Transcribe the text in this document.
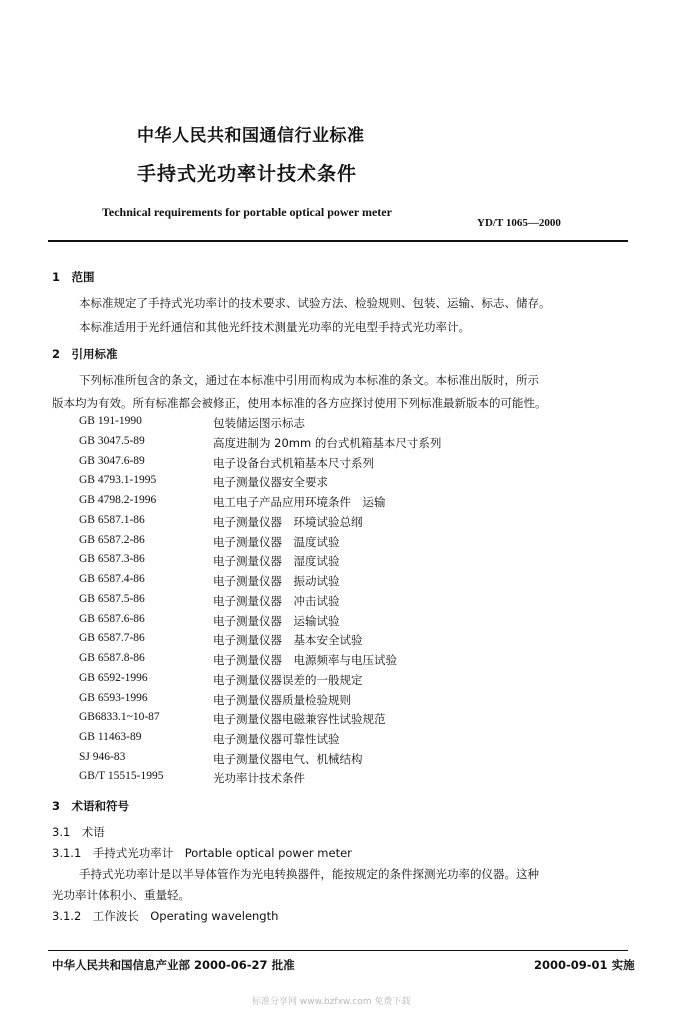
中华人民共和国通信行业标准
手持式光功率计技术条件
Technical requirements for portable optical power meter
YD/T 1065—2000
1　范围
本标准规定了手持式光功率计的技术要求、试验方法、检验规则、包装、运输、标志、储存。
本标准适用于光纤通信和其他光纤技术测量光功率的光电型手持式光功率计。
2　引用标准
下列标准所包含的条文，通过在本标准中引用而构成为本标准的条文。本标准出版时，所示
版本均为有效。所有标准都会被修正，使用本标准的各方应探讨使用下列标准最新版本的可能性。
GB 191-1990	包装储运图示标志
GB 3047.5-89	高度进制为 20mm 的台式机箱基本尺寸系列
GB 3047.6-89	电子设备台式机箱基本尺寸系列
GB 4793.1-1995	电子测量仪器安全要求
GB 4798.2-1996	电工电子产品应用环境条件　运输
GB 6587.1-86	电子测量仪器　环境试验总纲
GB 6587.2-86	电子测量仪器　温度试验
GB 6587.3-86	电子测量仪器　湿度试验
GB 6587.4-86	电子测量仪器　振动试验
GB 6587.5-86	电子测量仪器　冲击试验
GB 6587.6-86	电子测量仪器　运输试验
GB 6587.7-86	电子测量仪器　基本安全试验
GB 6587.8-86	电子测量仪器　电源频率与电压试验
GB 6592-1996	电子测量仪器误差的一般规定
GB 6593-1996	电子测量仪器质量检验规则
GB6833.1~10-87	电子测量仪器电磁兼容性试验规范
GB 11463-89	电子测量仪器可靠性试验
SJ 946-83	电子测量仪器电气、机械结构
GB/T 15515-1995	光功率计技术条件
3　术语和符号
3.1　术语
3.1.1　手持式光功率计　Portable optical power meter
手持式光功率计是以半导体管作为光电转换器件，能按规定的条件探测光功率的仪器。这种
光功率计体积小、重量轻。
3.1.2　工作波长　Operating wavelength
中华人民共和国信息产业部 2000-06-27 批准	2000-09-01 实施
标准分享网 www.bzfxw.com 免费下载
